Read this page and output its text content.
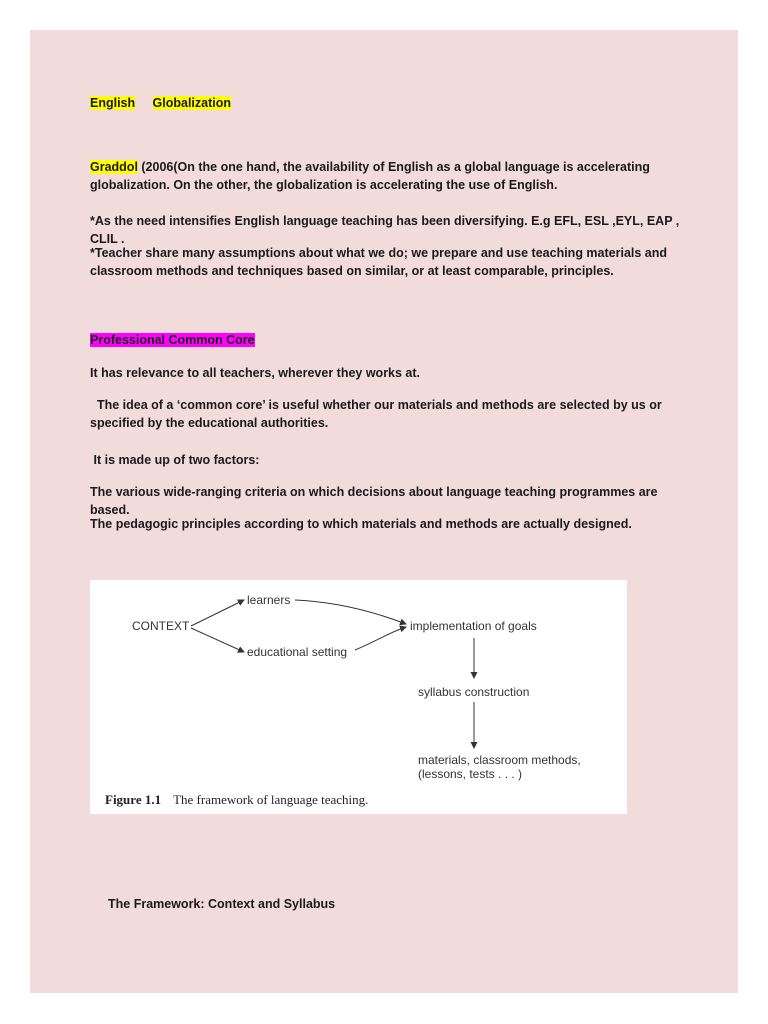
English Globalization

Graddol (2006(On the one hand, the availability of English as a global language is accelerating
globalization. On the other, the globalization is accelerating the use of English.

*As the need intensifies English language teaching has been diversifying. E.g EFL, ESL ,EYL, EAP , CLIL .

*Teacher share many assumptions about what we do; we prepare and use teaching materials and
classroom methods and techniques based on similar, or at least comparable, principles.

Professional Common Core

It has relevance to all teachers, wherever they works at.

The idea of a ‘common core’ is useful whether our materials and methods are selected by us or
specified by the educational authorities.

It is made up of two factors:

The various wide-ranging criteria on which decisions about language teaching programmes are based.

The pedagogic principles according to which materials and methods are actually designed.

CONTEXT
learners
educational setting
implementation of goals
syllabus construction
materials, classroom methods,
(lessons, tests . . . )
Figure 1.1 The framework of language teaching.

The Framework: Context and Syllabus
